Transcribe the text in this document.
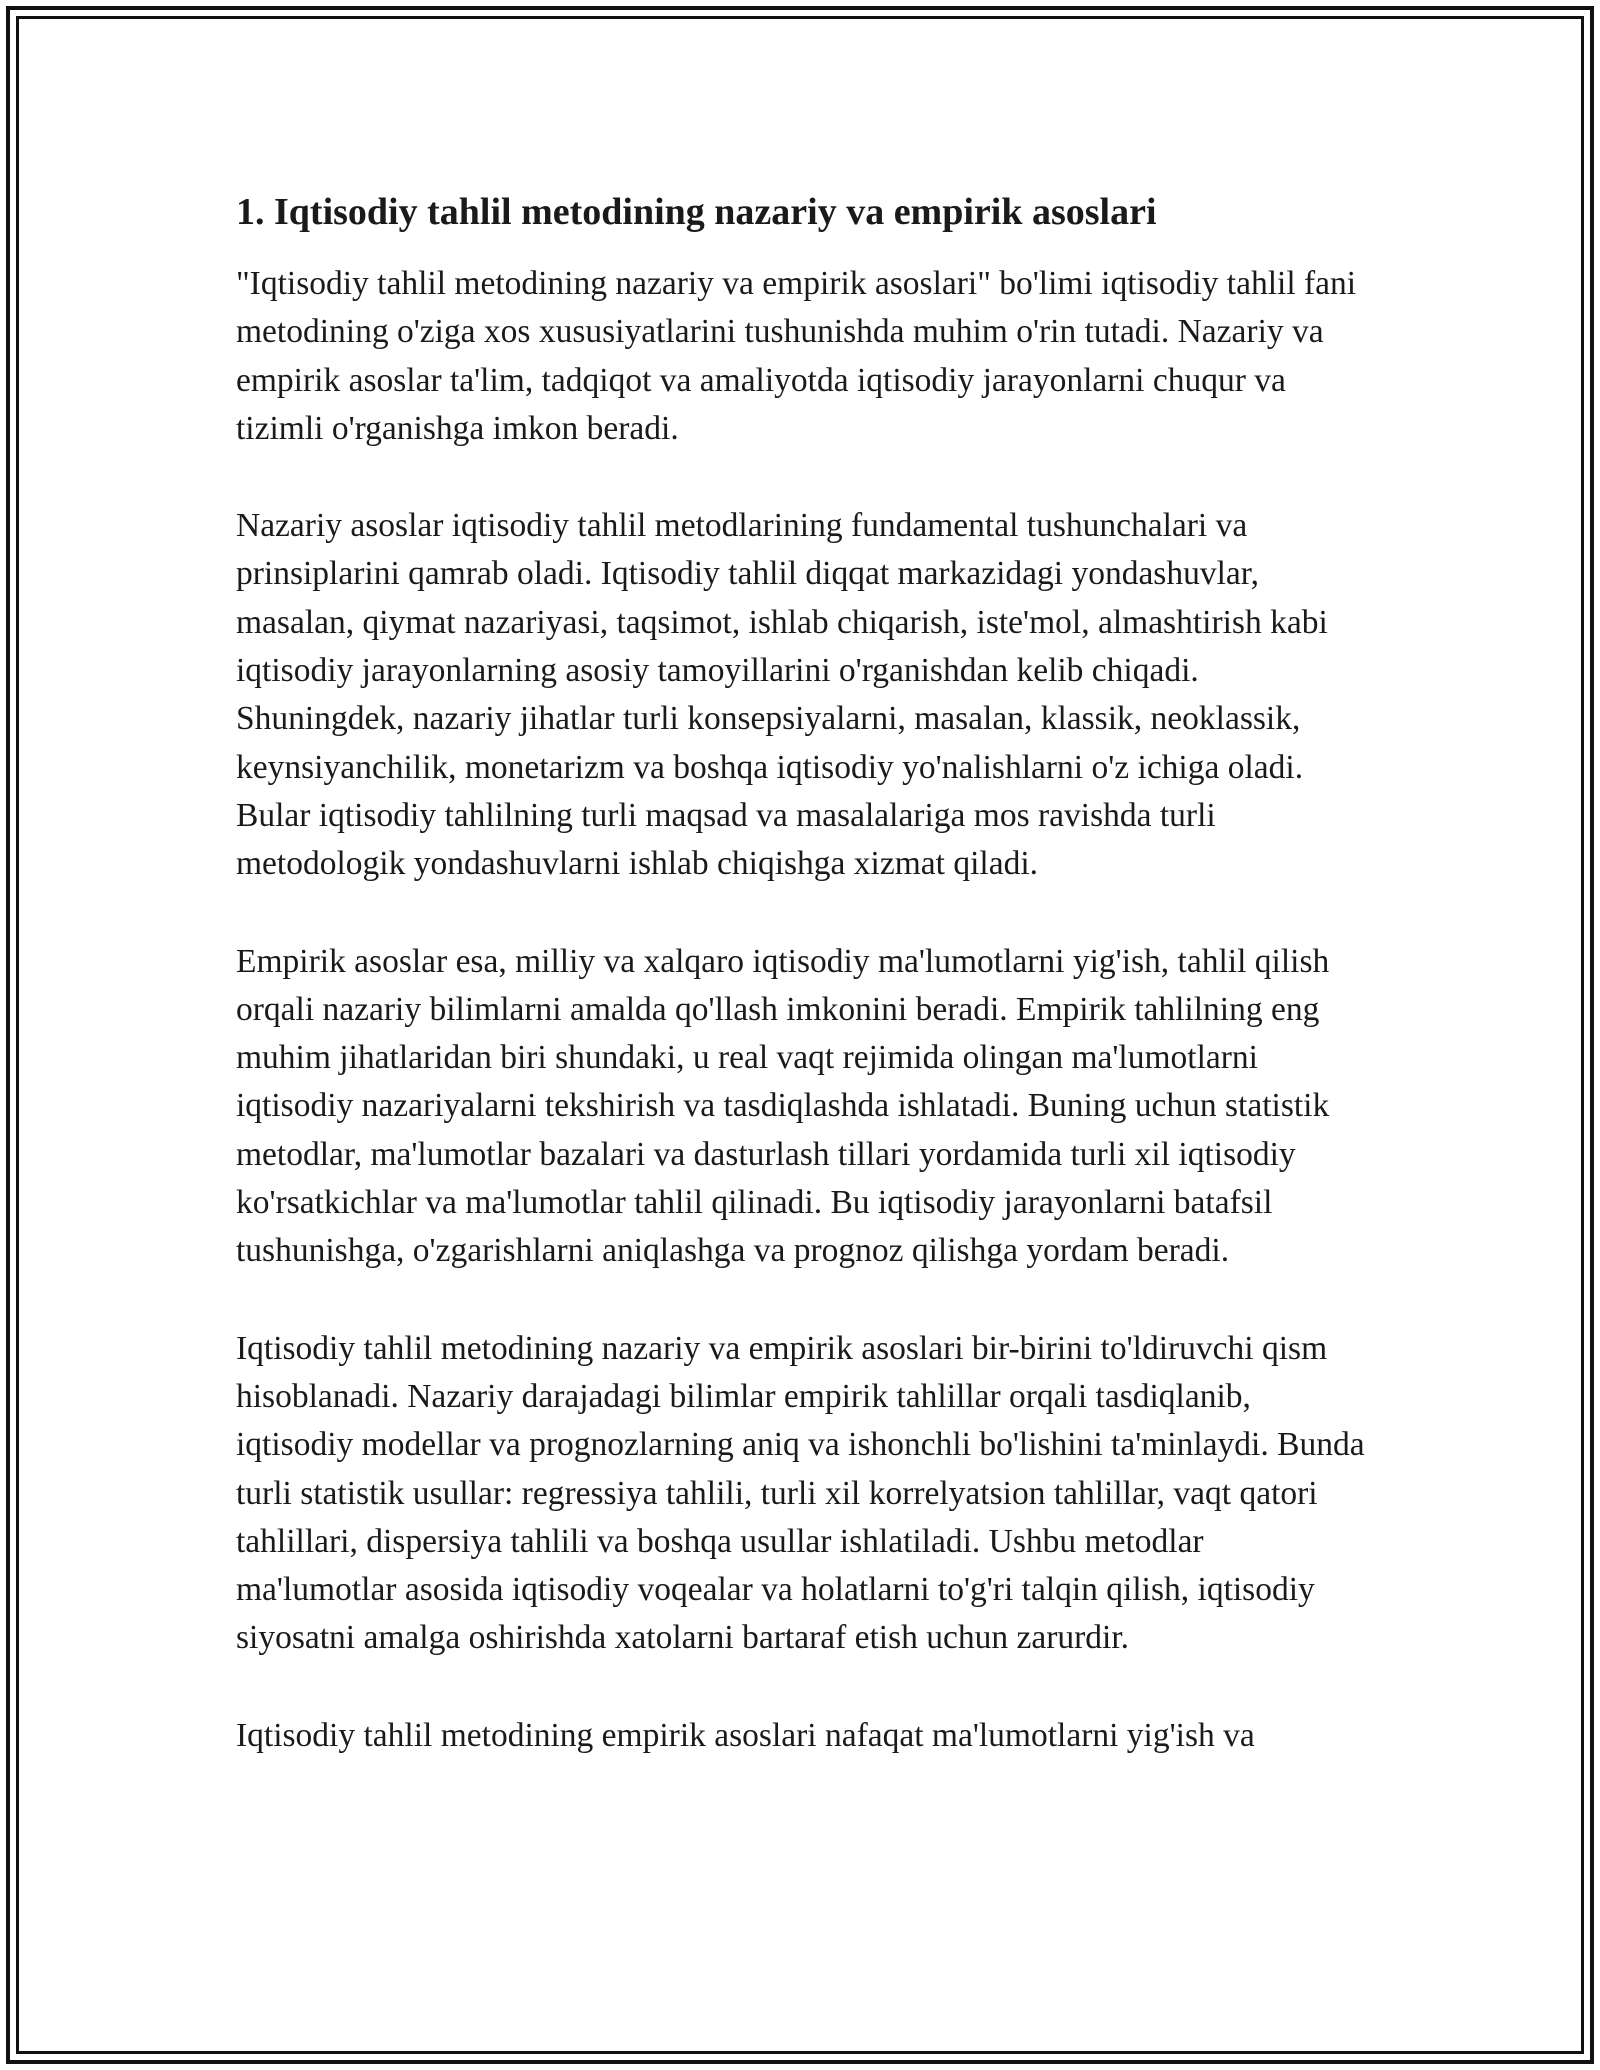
1. Iqtisodiy tahlil metodining nazariy va empirik asoslari

"Iqtisodiy tahlil metodining nazariy va empirik asoslari" bo'limi iqtisodiy tahlil fani metodining o'ziga xos xususiyatlarini tushunishda muhim o'rin tutadi. Nazariy va empirik asoslar ta'lim, tadqiqot va amaliyotda iqtisodiy jarayonlarni chuqur va tizimli o'rganishga imkon beradi.

Nazariy asoslar iqtisodiy tahlil metodlarining fundamental tushunchalari va prinsiplarini qamrab oladi. Iqtisodiy tahlil diqqat markazidagi yondashuvlar, masalan, qiymat nazariyasi, taqsimot, ishlab chiqarish, iste'mol, almashtirish kabi iqtisodiy jarayonlarning asosiy tamoyillarini o'rganishdan kelib chiqadi. Shuningdek, nazariy jihatlar turli konsepsiyalarni, masalan, klassik, neoklassik, keynsiyanchilik, monetarizm va boshqa iqtisodiy yo'nalishlarni o'z ichiga oladi. Bular iqtisodiy tahlilning turli maqsad va masalalariga mos ravishda turli metodologik yondashuvlarni ishlab chiqishga xizmat qiladi.

Empirik asoslar esa, milliy va xalqaro iqtisodiy ma'lumotlarni yig'ish, tahlil qilish orqali nazariy bilimlarni amalda qo'llash imkonini beradi. Empirik tahlilning eng muhim jihatlaridan biri shundaki, u real vaqt rejimida olingan ma'lumotlarni iqtisodiy nazariyalarni tekshirish va tasdiqlashda ishlatadi. Buning uchun statistik metodlar, ma'lumotlar bazalari va dasturlash tillari yordamida turli xil iqtisodiy ko'rsatkichlar va ma'lumotlar tahlil qilinadi. Bu iqtisodiy jarayonlarni batafsil tushunishga, o'zgarishlarni aniqlashga va prognoz qilishga yordam beradi.

Iqtisodiy tahlil metodining nazariy va empirik asoslari bir-birini to'ldiruvchi qism hisoblanadi. Nazariy darajadagi bilimlar empirik tahlillar orqali tasdiqlanib, iqtisodiy modellar va prognozlarning aniq va ishonchli bo'lishini ta'minlaydi. Bunda turli statistik usullar: regressiya tahlili, turli xil korrelyatsion tahlillar, vaqt qatori tahlillari, dispersiya tahlili va boshqa usullar ishlatiladi. Ushbu metodlar ma'lumotlar asosida iqtisodiy voqealar va holatlarni to'g'ri talqin qilish, iqtisodiy siyosatni amalga oshirishda xatolarni bartaraf etish uchun zarurdir.

Iqtisodiy tahlil metodining empirik asoslari nafaqat ma'lumotlarni yig'ish va
